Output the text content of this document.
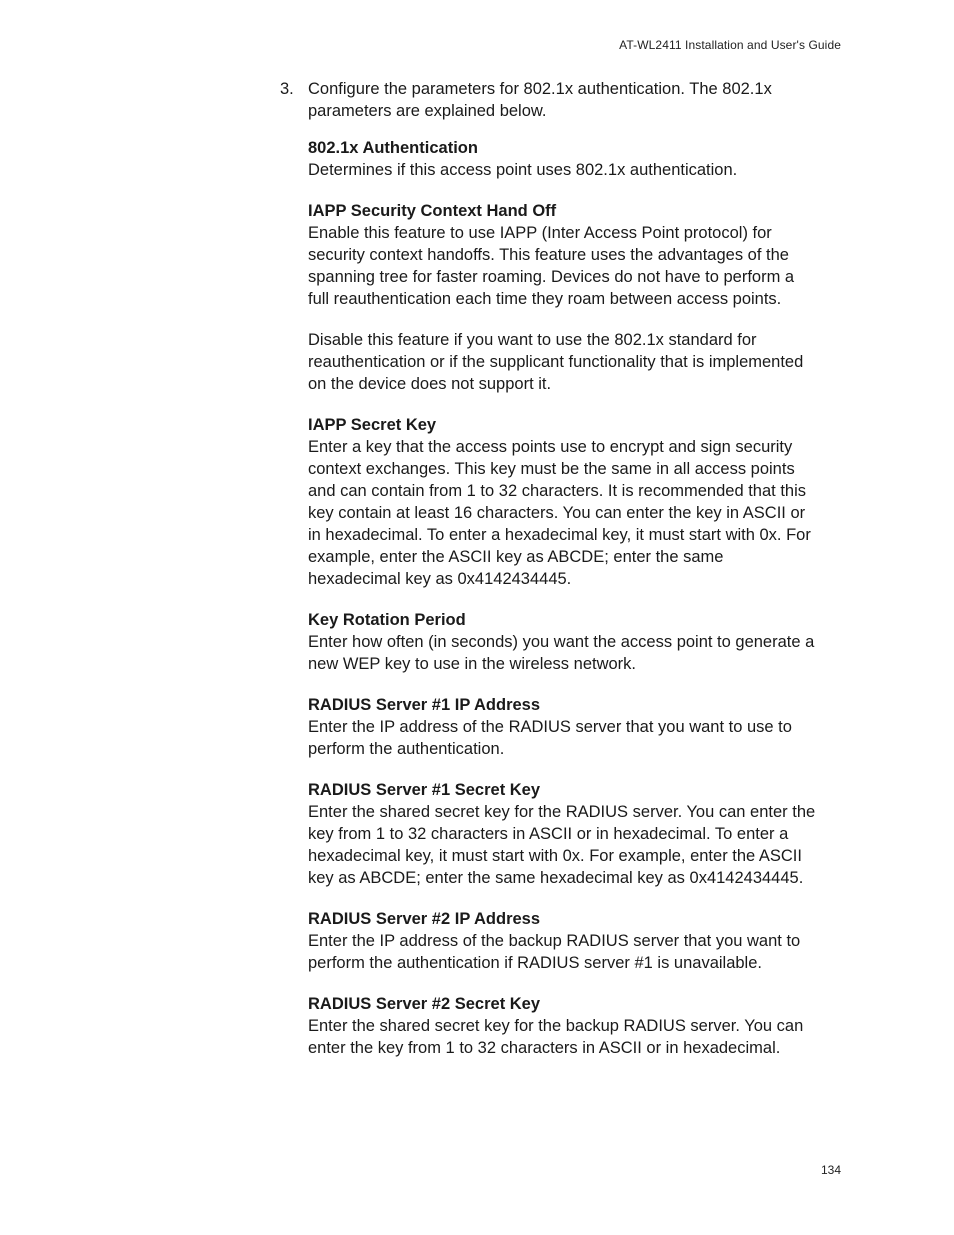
AT-WL2411 Installation and User's Guide
3. Configure the parameters for 802.1x authentication. The 802.1x parameters are explained below.

802.1x Authentication

Determines if this access point uses 802.1x authentication.

IAPP Security Context Hand Off

Enable this feature to use IAPP (Inter Access Point protocol) for security context handoffs. This feature uses the advantages of the spanning tree for faster roaming. Devices do not have to perform a full reauthentication each time they roam between access points.

Disable this feature if you want to use the 802.1x standard for reauthentication or if the supplicant functionality that is implemented on the device does not support it.

IAPP Secret Key

Enter a key that the access points use to encrypt and sign security context exchanges. This key must be the same in all access points and can contain from 1 to 32 characters. It is recommended that this key contain at least 16 characters. You can enter the key in ASCII or in hexadecimal. To enter a hexadecimal key, it must start with 0x. For example, enter the ASCII key as ABCDE; enter the same hexadecimal key as 0x4142434445.

Key Rotation Period

Enter how often (in seconds) you want the access point to generate a new WEP key to use in the wireless network.

RADIUS Server #1 IP Address

Enter the IP address of the RADIUS server that you want to use to perform the authentication.

RADIUS Server #1 Secret Key

Enter the shared secret key for the RADIUS server. You can enter the key from 1 to 32 characters in ASCII or in hexadecimal. To enter a hexadecimal key, it must start with 0x. For example, enter the ASCII key as ABCDE; enter the same hexadecimal key as 0x4142434445.

RADIUS Server #2 IP Address

Enter the IP address of the backup RADIUS server that you want to perform the authentication if RADIUS server #1 is unavailable.

RADIUS Server #2 Secret Key

Enter the shared secret key for the backup RADIUS server. You can enter the key from 1 to 32 characters in ASCII or in hexadecimal.

134
